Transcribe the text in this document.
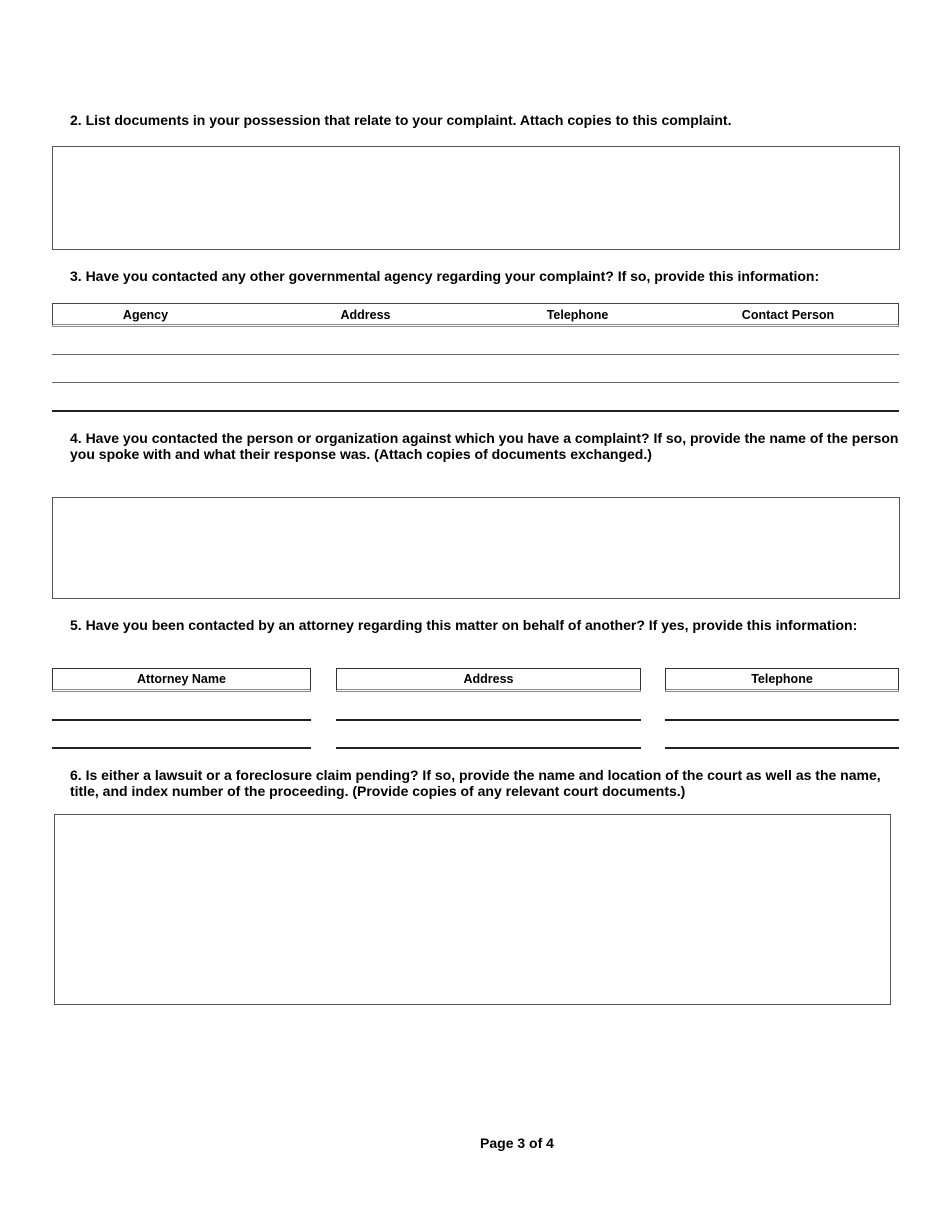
2. List documents in your possession that relate to your complaint. Attach copies to this complaint.

3. Have you contacted any other governmental agency regarding your complaint? If so, provide this information:

Agency	Address	Telephone	Contact Person

4. Have you contacted the person or organization against which you have a complaint? If so, provide the name of the person
you spoke with and what their response was. (Attach copies of documents exchanged.)

5. Have you been contacted by an attorney regarding this matter on behalf of another? If yes, provide this information:

Attorney Name	Address	Telephone

6. Is either a lawsuit or a foreclosure claim pending? If so, provide the name and location of the court as well as the name,
title, and index number of the proceeding. (Provide copies of any relevant court documents.)

Page 3 of 4
